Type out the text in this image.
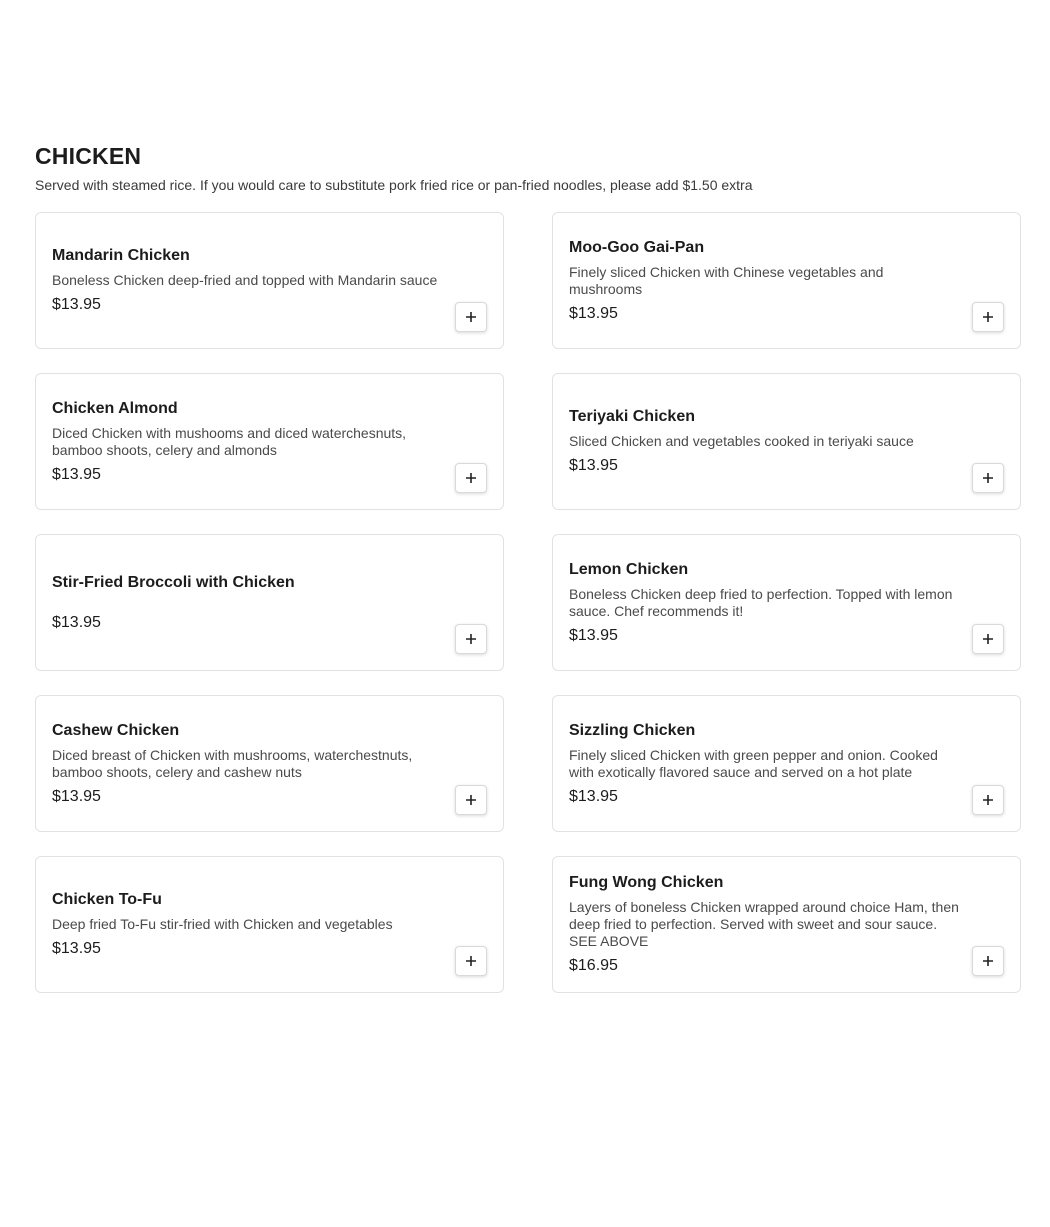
CHICKEN

Served with steamed rice. If you would care to substitute pork fried rice or pan-fried noodles, please add $1.50 extra

Mandarin Chicken
Boneless Chicken deep-fried and topped with Mandarin sauce
$13.95
Moo-Goo Gai-Pan
Finely sliced Chicken with Chinese vegetables and mushrooms
$13.95
Chicken Almond
Diced Chicken with mushooms and diced waterchesnuts, bamboo shoots, celery and almonds
$13.95
Teriyaki Chicken
Sliced Chicken and vegetables cooked in teriyaki sauce
$13.95
Stir-Fried Broccoli with Chicken
$13.95
Lemon Chicken
Boneless Chicken deep fried to perfection. Topped with lemon sauce. Chef recommends it!
$13.95
Cashew Chicken
Diced breast of Chicken with mushrooms, waterchestnuts, bamboo shoots, celery and cashew nuts
$13.95
Sizzling Chicken
Finely sliced Chicken with green pepper and onion. Cooked with exotically flavored sauce and served on a hot plate
$13.95
Chicken To-Fu
Deep fried To-Fu stir-fried with Chicken and vegetables
$13.95
Fung Wong Chicken
Layers of boneless Chicken wrapped around choice Ham, then deep fried to perfection. Served with sweet and sour sauce. SEE ABOVE
$16.95
